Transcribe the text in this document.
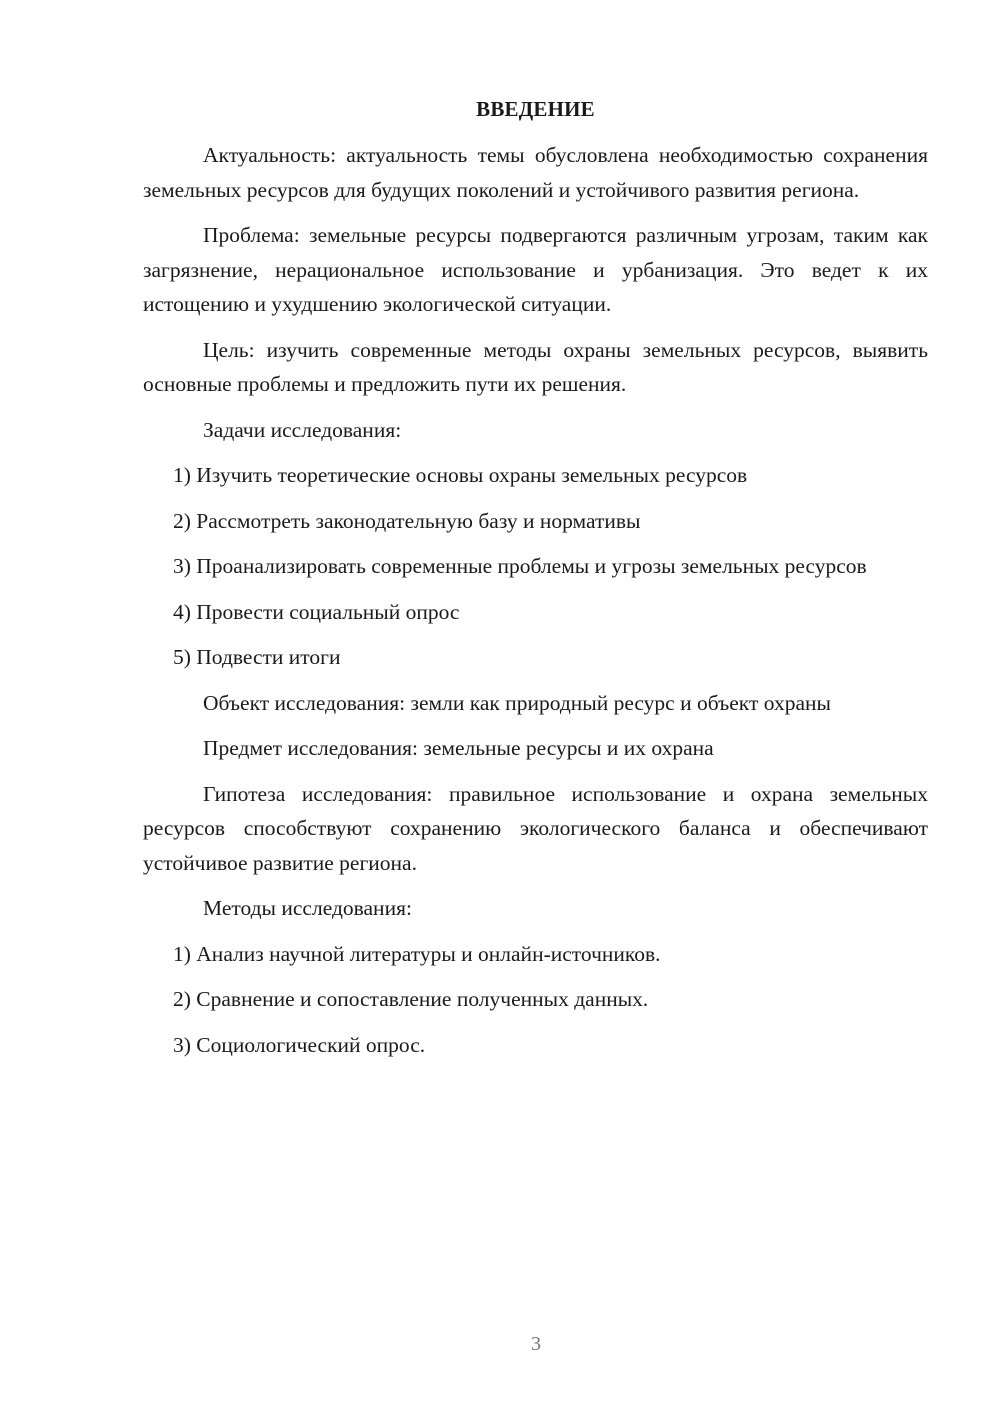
ВВЕДЕНИЕ

Актуальность: актуальность темы обусловлена необходимостью сохранения земельных ресурсов для будущих поколений и устойчивого развития региона.

Проблема: земельные ресурсы подвергаются различным угрозам, таким как загрязнение, нерациональное использование и урбанизация. Это ведет к их истощению и ухудшению экологической ситуации.

Цель: изучить современные методы охраны земельных ресурсов, выявить основные проблемы и предложить пути их решения.

Задачи исследования:

1) Изучить теоретические основы охраны земельных ресурсов

2) Рассмотреть законодательную базу и нормативы

3) Проанализировать современные проблемы и угрозы земельных ресурсов

4) Провести социальный опрос

5) Подвести итоги

Объект исследования: земли как природный ресурс и объект охраны

Предмет исследования: земельные ресурсы и их охрана

Гипотеза исследования: правильное использование и охрана земельных ресурсов способствуют сохранению экологического баланса и обеспечивают устойчивое развитие региона.

Методы исследования:

1) Анализ научной литературы и онлайн-источников.

2) Сравнение и сопоставление полученных данных.

3) Социологический опрос.

3
